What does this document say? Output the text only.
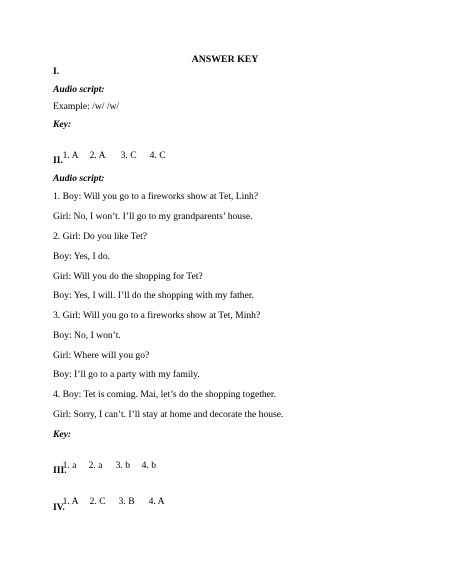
ANSWER KEY
I.
Audio script:
Example: /w/ /w/
Key:

1. A 2. A 3. C 4. C

II.
Audio script:
1. Boy: Will you go to a fireworks show at Tet, Linh?
Girl: No, I won’t. I’ll go to my grandparents’ house.
2. Girl: Do you like Tet?
Boy: Yes, I do.
Girl: Will you do the shopping for Tet?
Boy: Yes, I will. I’ll do the shopping with my father.
3. Girl: Will you go to a fireworks show at Tet, Minh?
Boy: No, I won’t.
Girl: Where will you go?
Boy: I’ll go to a party with my family.
4. Boy: Tet is coming. Mai, let’s do the shopping together.
Girl: Sorry, I can’t. I’ll stay at home and decorate the house.
Key:

1. a 2. a 3. b 4. b

III.

1. A 2. C 3. B 4. A

IV.
